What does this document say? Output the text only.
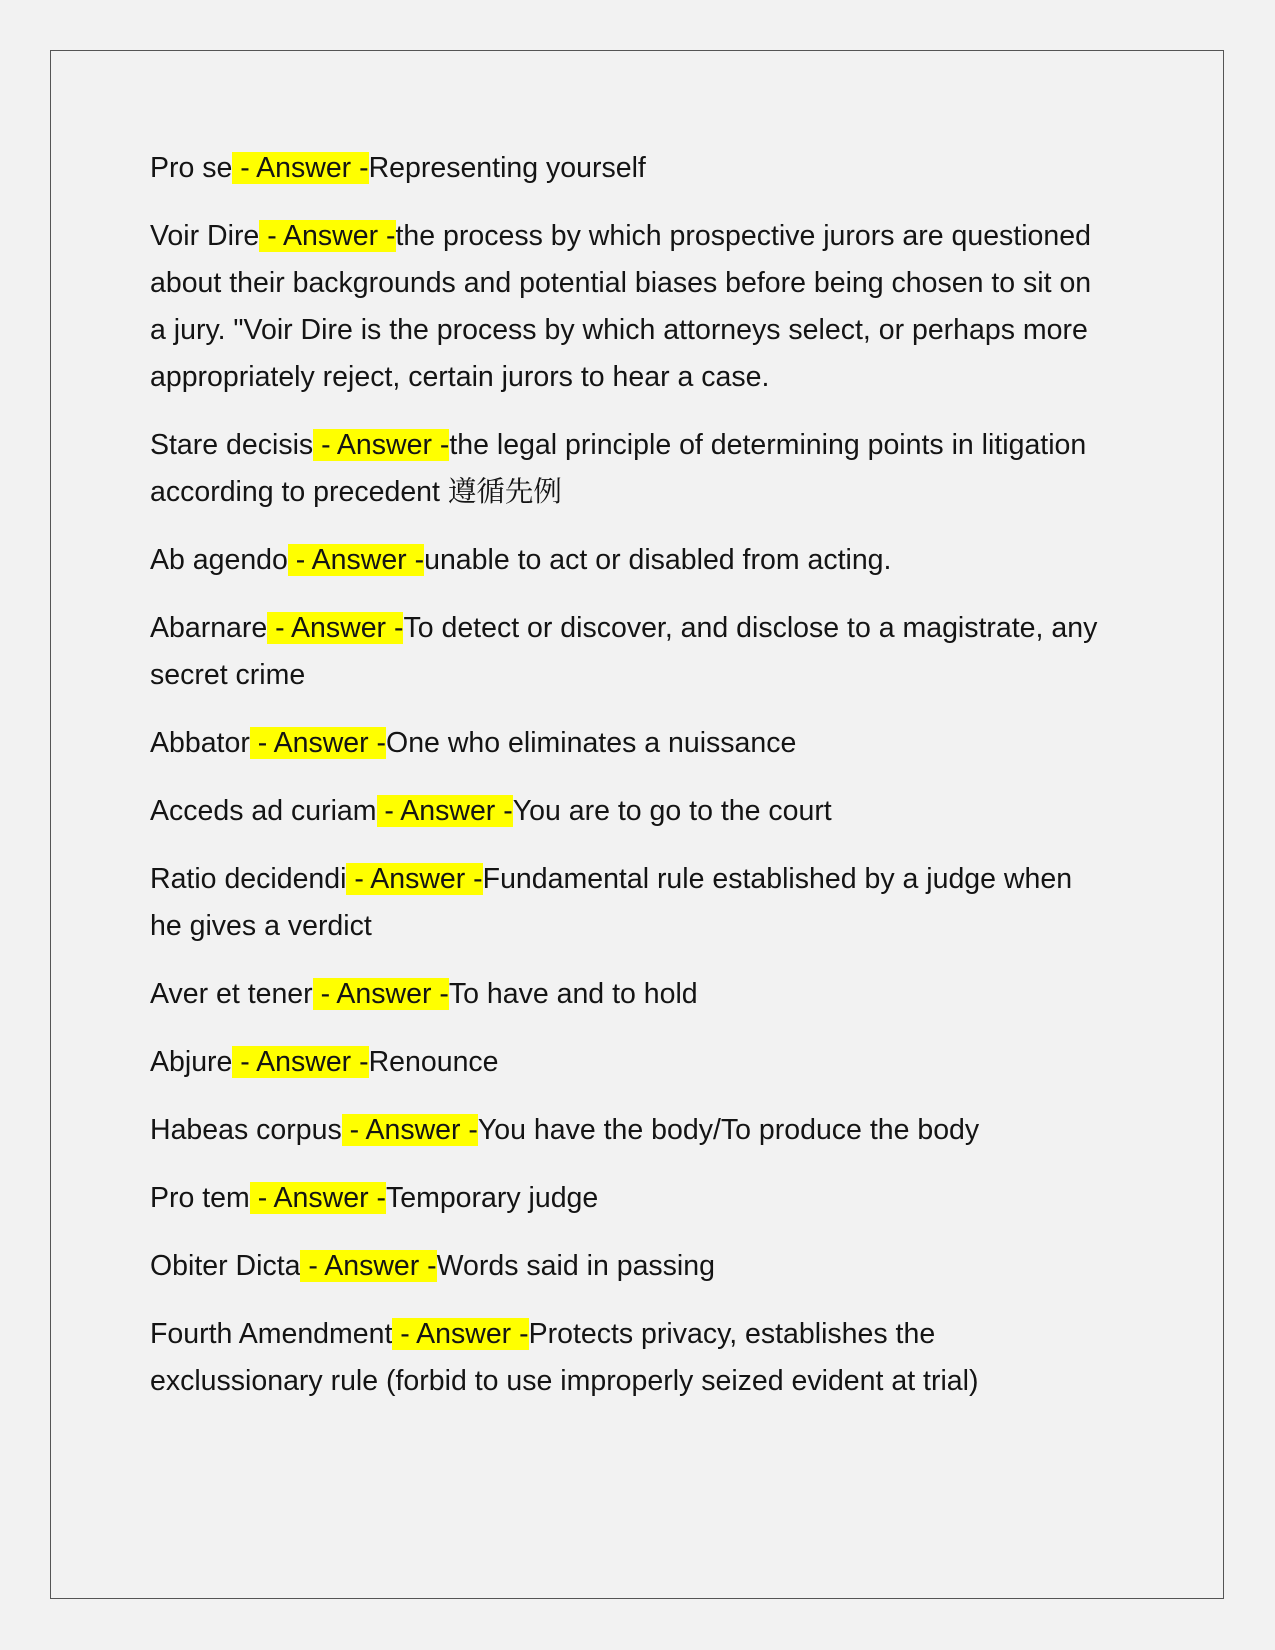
Pro se - Answer -Representing yourself

Voir Dire - Answer -the process by which prospective jurors are questioned about their backgrounds and potential biases before being chosen to sit on a jury. "Voir Dire is the process by which attorneys select, or perhaps more appropriately reject, certain jurors to hear a case.

Stare decisis - Answer -the legal principle of determining points in litigation according to precedent 遵循先例

Ab agendo - Answer -unable to act or disabled from acting.

Abarnare - Answer -To detect or discover, and disclose to a magistrate, any secret crime

Abbator - Answer -One who eliminates a nuissance

Acceds ad curiam - Answer -You are to go to the court

Ratio decidendi - Answer -Fundamental rule established by a judge when he gives a verdict

Aver et tener - Answer -To have and to hold

Abjure - Answer -Renounce

Habeas corpus - Answer -You have the body/To produce the body

Pro tem - Answer -Temporary judge

Obiter Dicta - Answer -Words said in passing

Fourth Amendment - Answer -Protects privacy, establishes the exclussionary rule (forbid to use improperly seized evident at trial)
